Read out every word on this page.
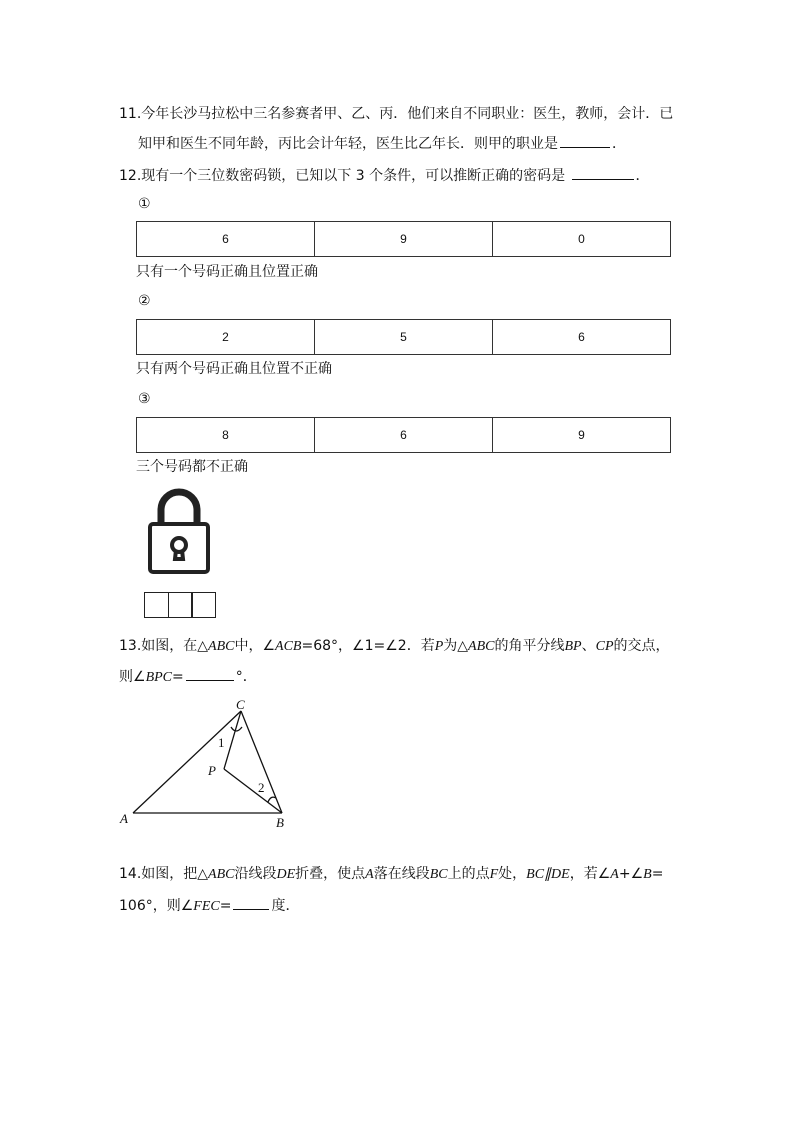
11.今年长沙马拉松中三名参赛者甲、乙、丙．他们来自不同职业：医生，教师，会计．已
知甲和医生不同年龄，丙比会计年轻，医生比乙年长．则甲的职业是	．
12.现有一个三位数密码锁，已知以下 3 个条件，可以推断正确的密码是	．
①
6	9	0
只有一个号码正确且位置正确
②
2	5	6
只有两个号码正确且位置不正确
③
8	6	9
三个号码都不正确
13.如图，在△ABC中，∠ACB=68°，∠1=∠2．若P为△ABC的角平分线BP、CP的交点，
则∠BPC=	°．
A	B
C
P
1
2
14.如图，把△ABC沿线段DE折叠，使点A落在线段BC上的点F处，BC∥DE，若∠A+∠B=
106°，则∠FEC=	度．
